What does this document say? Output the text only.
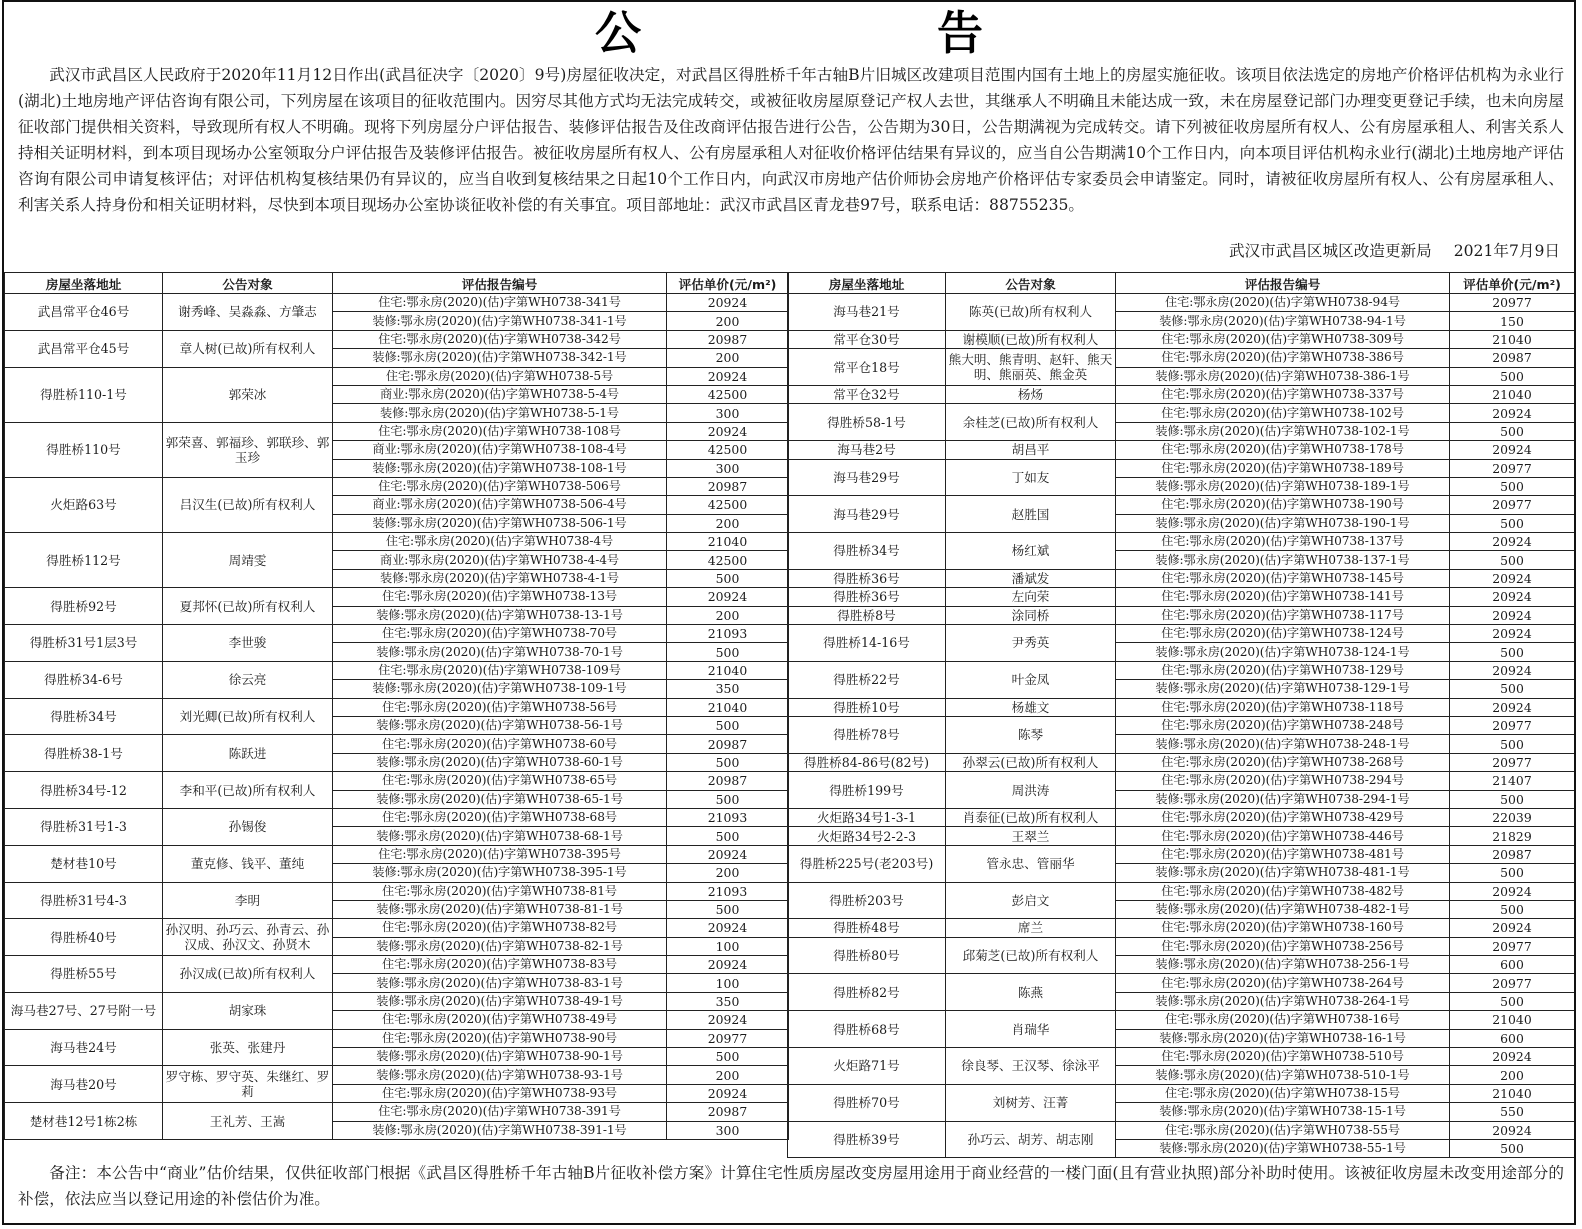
公 告

武汉市武昌区人民政府于2020年11月12日作出(武昌征决字〔2020〕9号)房屋征收决定，对武昌区得胜桥千年古轴B片旧城区改建项目范围内国有土地上的房屋实施征收。该项目依法选定的房地产价格评估机构为永业行(湖北)土地房地产评估咨询有限公司，下列房屋在该项目的征收范围内。因穷尽其他方式均无法完成转交，或被征收房屋原登记产权人去世，其继承人不明确且未能达成一致，未在房屋登记部门办理变更登记手续，也未向房屋征收部门提供相关资料，导致现所有权人不明确。现将下列房屋分户评估报告、装修评估报告及住改商评估报告进行公告，公告期为30日，公告期满视为完成转交。请下列被征收房屋所有权人、公有房屋承租人、利害关系人持相关证明材料，到本项目现场办公室领取分户评估报告及装修评估报告。被征收房屋所有权人、公有房屋承租人对征收价格评估结果有异议的，应当自公告期满10个工作日内，向本项目评估机构永业行(湖北)土地房地产评估咨询有限公司申请复核评估；对评估机构复核结果仍有异议的，应当自收到复核结果之日起10个工作日内，向武汉市房地产估价师协会房地产价格评估专家委员会申请鉴定。同时，请被征收房屋所有权人、公有房屋承租人、利害关系人持身份和相关证明材料，尽快到本项目现场办公室协谈征收补偿的有关事宜。项目部地址：武汉市武昌区青龙巷97号，联系电话：88755235。

武汉市武昌区城区改造更新局 2021年7月9日
房屋坐落地址	公告对象	评估报告编号	评估单价(元/m²)
武昌常平仓46号	谢秀峰、吴淼淼、方肇志	住宅:鄂永房(2020)(估)字第WH0738-341号	20924
		装修:鄂永房(2020)(估)字第WH0738-341-1号	200
武昌常平仓45号	章人树(已故)所有权利人	住宅:鄂永房(2020)(估)字第WH0738-342号	20987
		装修:鄂永房(2020)(估)字第WH0738-342-1号	200
得胜桥110-1号	郭荣冰	住宅:鄂永房(2020)(估)字第WH0738-5号	20924
		商业:鄂永房(2020)(估)字第WH0738-5-4号	42500
		装修:鄂永房(2020)(估)字第WH0738-5-1号	300
得胜桥110号	郭荣喜、郭福珍、郭联珍、郭玉珍	住宅:鄂永房(2020)(估)字第WH0738-108号	20924
		商业:鄂永房(2020)(估)字第WH0738-108-4号	42500
		装修:鄂永房(2020)(估)字第WH0738-108-1号	300
火炬路63号	吕汉生(已故)所有权利人	住宅:鄂永房(2020)(估)字第WH0738-506号	20987
		商业:鄂永房(2020)(估)字第WH0738-506-4号	42500
		装修:鄂永房(2020)(估)字第WH0738-506-1号	200
得胜桥112号	周靖雯	住宅:鄂永房(2020)(估)字第WH0738-4号	21040
		商业:鄂永房(2020)(估)字第WH0738-4-4号	42500
		装修:鄂永房(2020)(估)字第WH0738-4-1号	500
得胜桥92号	夏邦怀(已故)所有权利人	住宅:鄂永房(2020)(估)字第WH0738-13号	20924
		装修:鄂永房(2020)(估)字第WH0738-13-1号	200
得胜桥31号1层3号	李世骏	住宅:鄂永房(2020)(估)字第WH0738-70号	21093
		装修:鄂永房(2020)(估)字第WH0738-70-1号	500
得胜桥34-6号	徐云亮	住宅:鄂永房(2020)(估)字第WH0738-109号	21040
		装修:鄂永房(2020)(估)字第WH0738-109-1号	350
得胜桥34号	刘光卿(已故)所有权利人	住宅:鄂永房(2020)(估)字第WH0738-56号	21040
		装修:鄂永房(2020)(估)字第WH0738-56-1号	500
得胜桥38-1号	陈跃进	住宅:鄂永房(2020)(估)字第WH0738-60号	20987
		装修:鄂永房(2020)(估)字第WH0738-60-1号	500
得胜桥34号-12	李和平(已故)所有权利人	住宅:鄂永房(2020)(估)字第WH0738-65号	20987
		装修:鄂永房(2020)(估)字第WH0738-65-1号	500
得胜桥31号1-3	孙锡俊	住宅:鄂永房(2020)(估)字第WH0738-68号	21093
		装修:鄂永房(2020)(估)字第WH0738-68-1号	500
楚材巷10号	董克修、钱平、董纯	住宅:鄂永房(2020)(估)字第WH0738-395号	20924
		装修:鄂永房(2020)(估)字第WH0738-395-1号	200
得胜桥31号4-3	李明	住宅:鄂永房(2020)(估)字第WH0738-81号	21093
		装修:鄂永房(2020)(估)字第WH0738-81-1号	500
得胜桥40号	孙汉明、孙巧云、孙青云、孙汉成、孙汉文、孙贤木	住宅:鄂永房(2020)(估)字第WH0738-82号	20924
		装修:鄂永房(2020)(估)字第WH0738-82-1号	100
得胜桥55号	孙汉成(已故)所有权利人	住宅:鄂永房(2020)(估)字第WH0738-83号	20924
		装修:鄂永房(2020)(估)字第WH0738-83-1号	100
海马巷27号、27号附一号	胡家珠	装修:鄂永房(2020)(估)字第WH0738-49-1号	350
		住宅:鄂永房(2020)(估)字第WH0738-49号	20924
海马巷24号	张英、张建丹	住宅:鄂永房(2020)(估)字第WH0738-90号	20977
		装修:鄂永房(2020)(估)字第WH0738-90-1号	500
海马巷20号	罗守栋、罗守英、朱继红、罗莉	装修:鄂永房(2020)(估)字第WH0738-93-1号	200
		住宅:鄂永房(2020)(估)字第WH0738-93号	20924
楚材巷12号1栋2栋	王礼芳、王嵩	住宅:鄂永房(2020)(估)字第WH0738-391号	20987
		装修:鄂永房(2020)(估)字第WH0738-391-1号	300
房屋坐落地址	公告对象	评估报告编号	评估单价(元/m²)
海马巷21号	陈英(已故)所有权利人	住宅:鄂永房(2020)(估)字第WH0738-94号	20977
		装修:鄂永房(2020)(估)字第WH0738-94-1号	150
常平仓30号	谢模顺(已故)所有权利人	住宅:鄂永房(2020)(估)字第WH0738-309号	21040
常平仓18号	熊大明、熊青明、赵轩、熊天明、熊丽英、熊金英	住宅:鄂永房(2020)(估)字第WH0738-386号	20987
		装修:鄂永房(2020)(估)字第WH0738-386-1号	500
常平仓32号	杨炀	住宅:鄂永房(2020)(估)字第WH0738-337号	21040
得胜桥58-1号	余桂芝(已故)所有权利人	住宅:鄂永房(2020)(估)字第WH0738-102号	20924
		装修:鄂永房(2020)(估)字第WH0738-102-1号	500
海马巷2号	胡昌平	住宅:鄂永房(2020)(估)字第WH0738-178号	20924
海马巷29号	丁如友	住宅:鄂永房(2020)(估)字第WH0738-189号	20977
		装修:鄂永房(2020)(估)字第WH0738-189-1号	500
海马巷29号	赵胜国	住宅:鄂永房(2020)(估)字第WH0738-190号	20977
		装修:鄂永房(2020)(估)字第WH0738-190-1号	500
得胜桥34号	杨红斌	住宅:鄂永房(2020)(估)字第WH0738-137号	20924
		装修:鄂永房(2020)(估)字第WH0738-137-1号	500
得胜桥36号	潘斌发	住宅:鄂永房(2020)(估)字第WH0738-145号	20924
得胜桥36号	左向荣	住宅:鄂永房(2020)(估)字第WH0738-141号	20924
得胜桥8号	涂同桥	住宅:鄂永房(2020)(估)字第WH0738-117号	20924
得胜桥14-16号	尹秀英	住宅:鄂永房(2020)(估)字第WH0738-124号	20924
		装修:鄂永房(2020)(估)字第WH0738-124-1号	500
得胜桥22号	叶金凤	住宅:鄂永房(2020)(估)字第WH0738-129号	20924
		装修:鄂永房(2020)(估)字第WH0738-129-1号	500
得胜桥10号	杨雄文	住宅:鄂永房(2020)(估)字第WH0738-118号	20924
得胜桥78号	陈琴	住宅:鄂永房(2020)(估)字第WH0738-248号	20977
		装修:鄂永房(2020)(估)字第WH0738-248-1号	500
得胜桥84-86号(82号)	孙翠云(已故)所有权利人	住宅:鄂永房(2020)(估)字第WH0738-268号	20977
得胜桥199号	周洪涛	住宅:鄂永房(2020)(估)字第WH0738-294号	21407
		装修:鄂永房(2020)(估)字第WH0738-294-1号	500
火炬路34号1-3-1	肖泰征(已故)所有权利人	住宅:鄂永房(2020)(估)字第WH0738-429号	22039
火炬路34号2-2-3	王翠兰	住宅:鄂永房(2020)(估)字第WH0738-446号	21829
得胜桥225号(老203号)	管永忠、管丽华	住宅:鄂永房(2020)(估)字第WH0738-481号	20987
		装修:鄂永房(2020)(估)字第WH0738-481-1号	500
得胜桥203号	彭启文	住宅:鄂永房(2020)(估)字第WH0738-482号	20924
		装修:鄂永房(2020)(估)字第WH0738-482-1号	500
得胜桥48号	席兰	住宅:鄂永房(2020)(估)字第WH0738-160号	20924
得胜桥80号	邱菊芝(已故)所有权利人	住宅:鄂永房(2020)(估)字第WH0738-256号	20977
		装修:鄂永房(2020)(估)字第WH0738-256-1号	600
得胜桥82号	陈燕	住宅:鄂永房(2020)(估)字第WH0738-264号	20977
		装修:鄂永房(2020)(估)字第WH0738-264-1号	500
得胜桥68号	肖瑞华	住宅:鄂永房(2020)(估)字第WH0738-16号	21040
		装修:鄂永房(2020)(估)字第WH0738-16-1号	600
火炬路71号	徐良琴、王汉琴、徐泳平	住宅:鄂永房(2020)(估)字第WH0738-510号	20924
		装修:鄂永房(2020)(估)字第WH0738-510-1号	200
得胜桥70号	刘树芳、汪菁	住宅:鄂永房(2020)(估)字第WH0738-15号	21040
		装修:鄂永房(2020)(估)字第WH0738-15-1号	550
得胜桥39号	孙巧云、胡芳、胡志刚	住宅:鄂永房(2020)(估)字第WH0738-55号	20924
		装修:鄂永房(2020)(估)字第WH0738-55-1号	500

备注：本公告中“商业”估价结果，仅供征收部门根据《武昌区得胜桥千年古轴B片征收补偿方案》计算住宅性质房屋改变房屋用途用于商业经营的一楼门面(且有营业执照)部分补助时使用。该被征收房屋未改变用途部分的补偿，依法应当以登记用途的补偿估价为准。
